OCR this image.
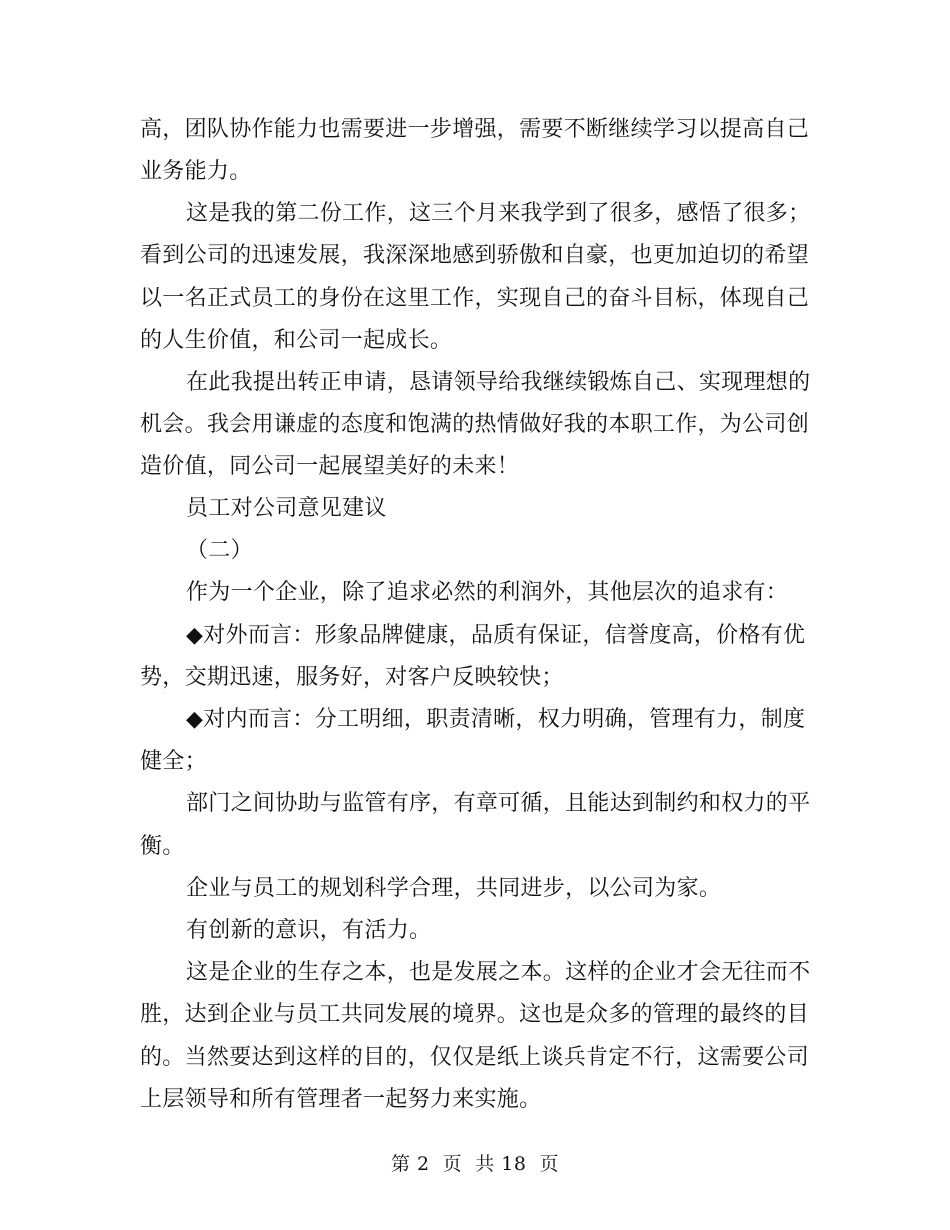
高，团队协作能力也需要进一步增强，需要不断继续学习以提高自己
业务能力。
这是我的第二份工作，这三个月来我学到了很多，感悟了很多；
看到公司的迅速发展，我深深地感到骄傲和自豪，也更加迫切的希望
以一名正式员工的身份在这里工作，实现自己的奋斗目标，体现自己
的人生价值，和公司一起成长。
在此我提出转正申请，恳请领导给我继续锻炼自己、实现理想的
机会。我会用谦虚的态度和饱满的热情做好我的本职工作，为公司创
造价值，同公司一起展望美好的未来！
员工对公司意见建议
（二）
作为一个企业，除了追求必然的利润外，其他层次的追求有：
◆对外而言：形象品牌健康，品质有保证，信誉度高，价格有优
势，交期迅速，服务好，对客户反映较快；
◆对内而言：分工明细，职责清晰，权力明确，管理有力，制度
健全；
部门之间协助与监管有序，有章可循，且能达到制约和权力的平
衡。
企业与员工的规划科学合理，共同进步，以公司为家。
有创新的意识，有活力。
这是企业的生存之本，也是发展之本。这样的企业才会无往而不
胜，达到企业与员工共同发展的境界。这也是众多的管理的最终的目
的。当然要达到这样的目的，仅仅是纸上谈兵肯定不行，这需要公司
上层领导和所有管理者一起努力来实施。
第 2  页  共 18  页
